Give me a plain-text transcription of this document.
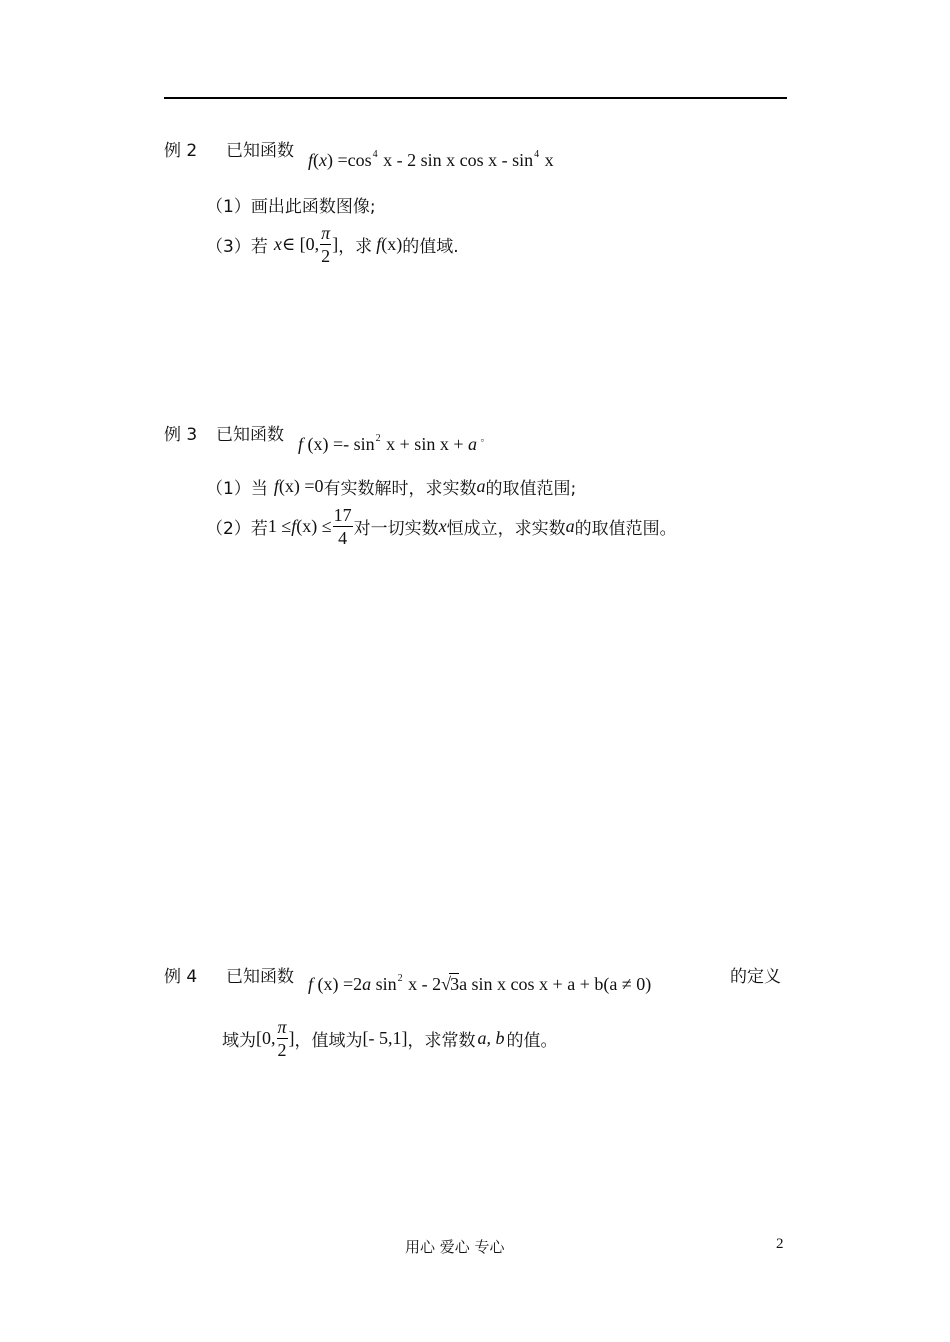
例 2 已知函数 $f(x) =\cos^4$ x - 2 sin x cos x - $\sin^4 x$
（1）画出此函数图像;
（3）若 x ∈ [0, $\frac{\pi}{2}$ ] ，求 f (x) 的值域.
例 3 已知函数 f $(x) =- \sin^2 x + \sin x + a$ 。
（1）当 f (x) =0 有实数解时，求实数 a 的取值范围;
（2）若 1 ≤ f $(x) \le \frac{17}{4}$ 对一切实数 x 恒成立，求实数 a 的取值范围。
例 4 已知函数 f (x) =2a $\sin^2 x - 2√3a$ sin x cos x + a + b(a ≠ 0)	的定义
域为 [0, $\frac{\pi}{2}$ ] ，值域为 [- 5,1] ，求常数 a, b 的值。
用心 爱心 专心	2
